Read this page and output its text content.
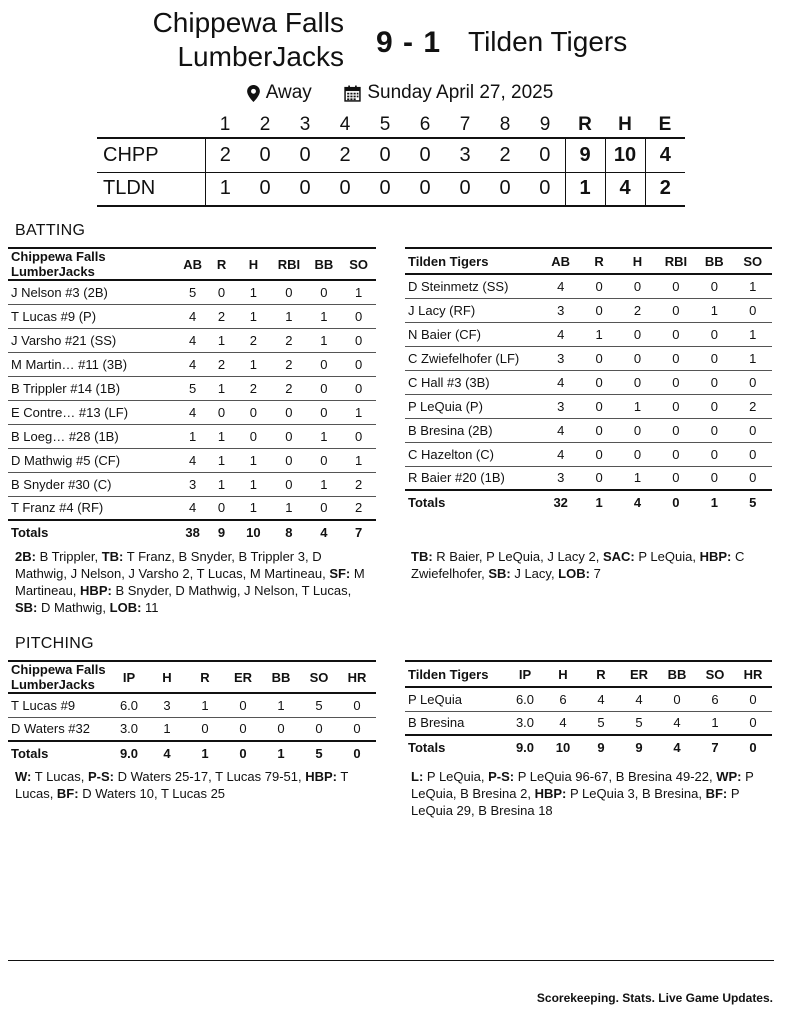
Chippewa Falls
LumberJacks 9 - 1 Tilden Tigers
Away
	Sunday April 27, 2025
	1	2	3	4	5	6	7	8	9	R	H	E
CHPP	2	0	0	2	0	0	3	2	0	9	10	4
TLDN	1	0	0	0	0	0	0	0	0	1	4	2
BATTING
Chippewa Falls LumberJacks	AB	R	H	RBI	BB	SO
J Nelson #3 (2B)	5	0	1	0	0	1
T Lucas #9 (P)	4	2	1	1	1	0
J Varsho #21 (SS)	4	1	2	2	1	0
M Martin… #11 (3B)	4	2	1	2	0	0
B Trippler #14 (1B)	5	1	2	2	0	0
E Contre… #13 (LF)	4	0	0	0	0	1
B Loeg… #28 (1B)	1	1	0	0	1	0
D Mathwig #5 (CF)	4	1	1	0	0	1
B Snyder #30 (C)	3	1	1	0	1	2
T Franz #4 (RF)	4	0	1	1	0	2
Totals	38	9	10	8	4	7
Tilden Tigers	AB	R	H	RBI	BB	SO
D Steinmetz (SS)	4	0	0	0	0	1
J Lacy (RF)	3	0	2	0	1	0
N Baier (CF)	4	1	0	0	0	1
C Zwiefelhofer (LF)	3	0	0	0	0	1
C Hall #3 (3B)	4	0	0	0	0	0
P LeQuia (P)	3	0	1	0	0	2
B Bresina (2B)	4	0	0	0	0	0
C Hazelton (C)	4	0	0	0	0	0
R Baier #20 (1B)	3	0	1	0	0	0
Totals	32	1	4	0	1	5
2B: B Trippler, TB: T Franz, B Snyder, B Trippler 3, D Mathwig, J Nelson, J Varsho 2, T Lucas, M Martineau, SF: M Martineau, HBP: B Snyder, D Mathwig, J Nelson, T Lucas, SB: D Mathwig, LOB: 11
TB: R Baier, P LeQuia, J Lacy 2, SAC: P LeQuia, HBP: C Zwiefelhofer, SB: J Lacy, LOB: 7
PITCHING
Chippewa Falls LumberJacks	IP	H	R	ER	BB	SO	HR
T Lucas #9	6.0	3	1	0	1	5	0
D Waters #32	3.0	1	0	0	0	0	0
Totals	9.0	4	1	0	1	5	0
Tilden Tigers	IP	H	R	ER	BB	SO	HR
P LeQuia	6.0	6	4	4	0	6	0
B Bresina	3.0	4	5	5	4	1	0
Totals	9.0	10	9	9	4	7	0
W: T Lucas, P-S: D Waters 25-17, T Lucas 79-51, HBP: T Lucas, BF: D Waters 10, T Lucas 25
L: P LeQuia, P-S: P LeQuia 96-67, B Bresina 49-22, WP: P LeQuia, B Bresina 2, HBP: P LeQuia 3, B Bresina, BF: P LeQuia 29, B Bresina 18
Scorekeeping. Stats. Live Game Updates.
